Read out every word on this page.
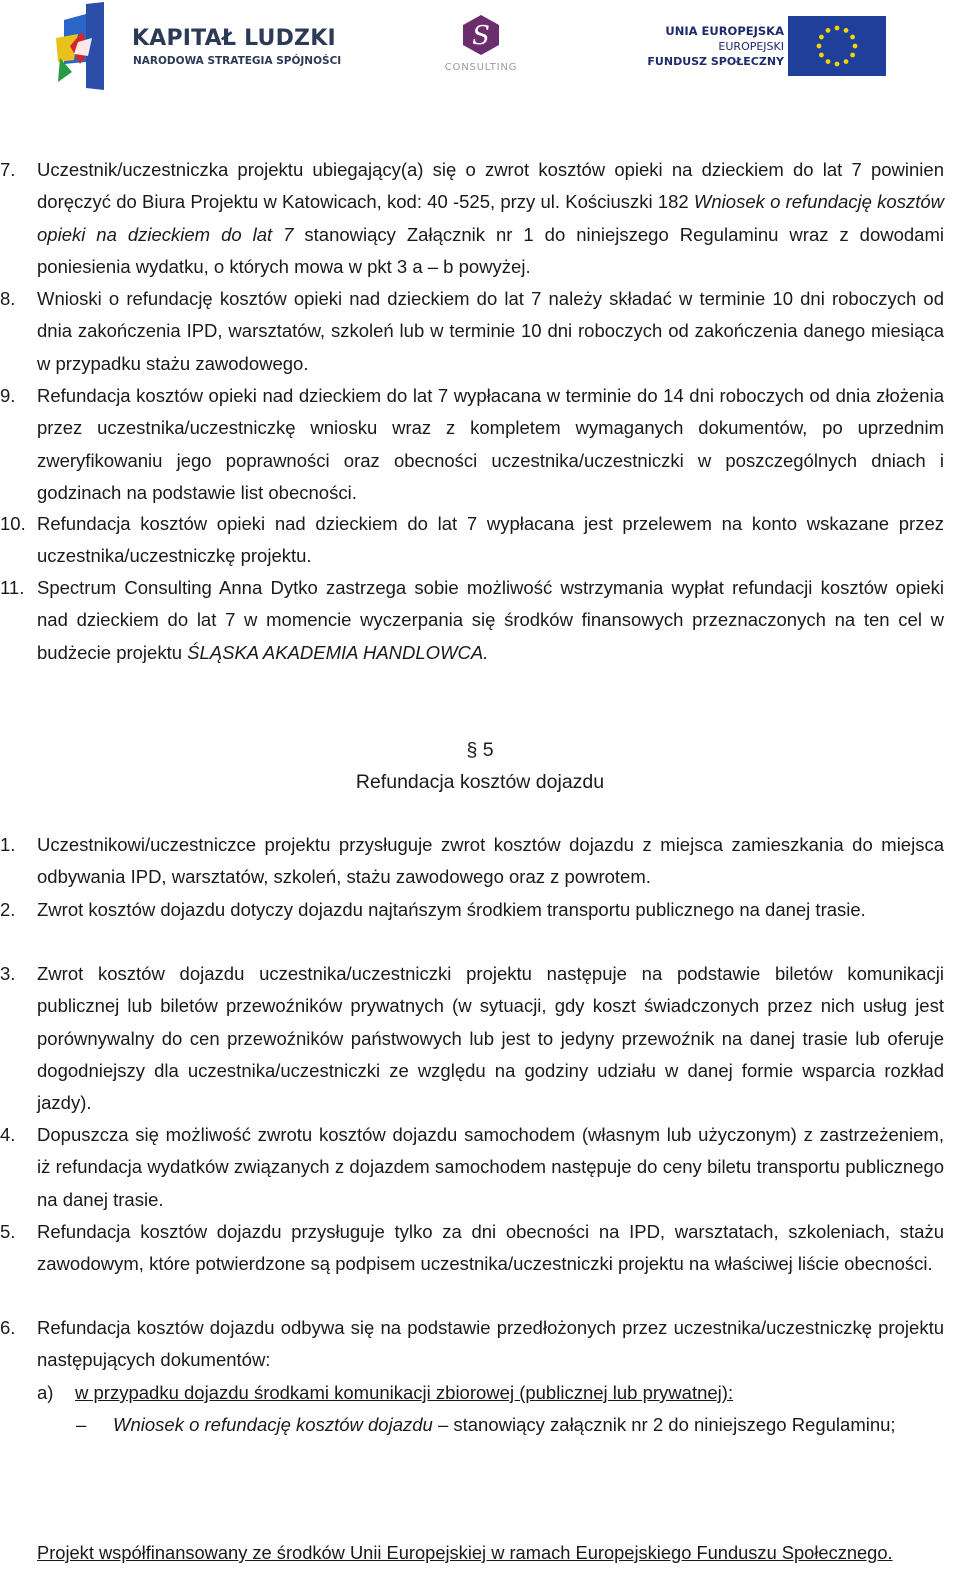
KAPITAŁ LUDZKI
NARODOWA STRATEGIA SPÓJNOŚCI
S
CONSULTING
UNIA EUROPEJSKA
EUROPEJSKI
FUNDUSZ SPOŁECZNY
7.	Uczestnik/uczestniczka projektu ubiegający(a) się o zwrot kosztów opieki na dzieckiem do lat 7 powinien doręczyć do Biura Projektu w Katowicach, kod: 40 -525, przy ul. Kościuszki 182 Wniosek o refundację kosztów opieki na dzieckiem do lat 7 stanowiący Załącznik nr 1 do niniejszego Regulaminu wraz z dowodami poniesienia wydatku, o których mowa w pkt 3 a – b powyżej.
8.	Wnioski o refundację kosztów opieki nad dzieckiem do lat 7 należy składać w terminie 10 dni roboczych od dnia zakończenia IPD, warsztatów, szkoleń lub w terminie 10 dni roboczych od zakończenia danego miesiąca w przypadku stażu zawodowego.
9.	Refundacja kosztów opieki nad dzieckiem do lat 7 wypłacana w terminie do 14 dni roboczych od dnia złożenia przez uczestnika/uczestniczkę wniosku wraz z kompletem wymaganych dokumentów, po uprzednim zweryfikowaniu jego poprawności oraz obecności uczestnika/uczestniczki w poszczególnych dniach i godzinach na podstawie list obecności.
10. Refundacja kosztów opieki nad dzieckiem do lat 7 wypłacana jest przelewem na konto wskazane przez uczestnika/uczestniczkę projektu.
11. Spectrum Consulting Anna Dytko zastrzega sobie możliwość wstrzymania wypłat refundacji kosztów opieki nad dzieckiem do lat 7 w momencie wyczerpania się środków finansowych przeznaczonych na ten cel w budżecie projektu ŚLĄSKA AKADEMIA HANDLOWCA.
§ 5
Refundacja kosztów dojazdu
1.	Uczestnikowi/uczestniczce projektu przysługuje zwrot kosztów dojazdu z miejsca zamieszkania do miejsca odbywania IPD, warsztatów, szkoleń, stażu zawodowego oraz z powrotem.
2.	Zwrot kosztów dojazdu dotyczy dojazdu najtańszym środkiem transportu publicznego na danej trasie.
3.	Zwrot kosztów dojazdu uczestnika/uczestniczki projektu następuje na podstawie biletów komunikacji publicznej lub biletów przewoźników prywatnych (w sytuacji, gdy koszt świadczonych przez nich usług jest porównywalny do cen przewoźników państwowych lub jest to jedyny przewoźnik na danej trasie lub oferuje dogodniejszy dla uczestnika/uczestniczki ze względu na godziny udziału w danej formie wsparcia rozkład jazdy).
4.	Dopuszcza się możliwość zwrotu kosztów dojazdu samochodem (własnym lub użyczonym) z zastrzeżeniem, iż refundacja wydatków związanych z dojazdem samochodem następuje do ceny biletu transportu publicznego na danej trasie.
5.	Refundacja kosztów dojazdu przysługuje tylko za dni obecności na IPD, warsztatach, szkoleniach, stażu zawodowym, które potwierdzone są podpisem uczestnika/uczestniczki projektu na właściwej liście obecności.
6.	Refundacja kosztów dojazdu odbywa się na podstawie przedłożonych przez uczestnika/uczestniczkę projektu następujących dokumentów:
a) w przypadku dojazdu środkami komunikacji zbiorowej (publicznej lub prywatnej):
– Wniosek o refundację kosztów dojazdu – stanowiący załącznik nr 2 do niniejszego Regulaminu;
Projekt współfinansowany ze środków Unii Europejskiej w ramach Europejskiego Funduszu Społecznego.
